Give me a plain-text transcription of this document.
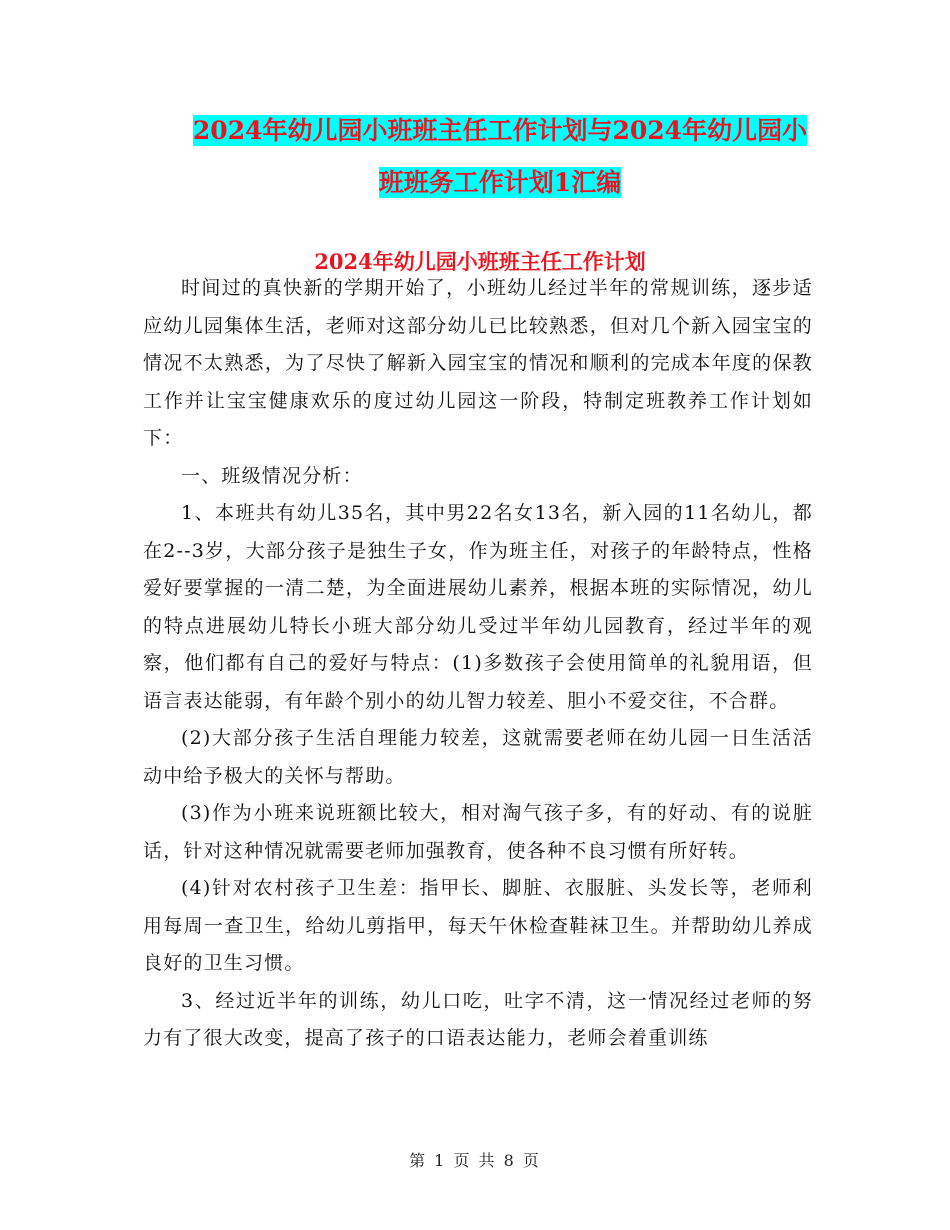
2024年幼儿园小班班主任工作计划与2024年幼儿园小
班班务工作计划1汇编
2024年幼儿园小班班主任工作计划

时间过的真快新的学期开始了，小班幼儿经过半年的常规训练，逐步适应幼儿园集体生活，老师对这部分幼儿已比较熟悉，但对几个新入园宝宝的情况不太熟悉，为了尽快了解新入园宝宝的情况和顺利的完成本年度的保教工作并让宝宝健康欢乐的度过幼儿园这一阶段，特制定班教养工作计划如下：

一、班级情况分析：

1、本班共有幼儿35名，其中男22名女13名，新入园的11名幼儿，都在2--3岁，大部分孩子是独生子女，作为班主任，对孩子的年龄特点，性格爱好要掌握的一清二楚，为全面进展幼儿素养，根据本班的实际情况，幼儿的特点进展幼儿特长小班大部分幼儿受过半年幼儿园教育，经过半年的观察，他们都有自己的爱好与特点：(1)多数孩子会使用简单的礼貌用语，但语言表达能弱，有年龄个别小的幼儿智力较差、胆小不爱交往，不合群。

(2)大部分孩子生活自理能力较差，这就需要老师在幼儿园一日生活活动中给予极大的关怀与帮助。

(3)作为小班来说班额比较大，相对淘气孩子多，有的好动、有的说脏话，针对这种情况就需要老师加强教育，使各种不良习惯有所好转。

(4)针对农村孩子卫生差：指甲长、脚脏、衣服脏、头发长等，老师利用每周一查卫生，给幼儿剪指甲，每天午休检查鞋袜卫生。并帮助幼儿养成良好的卫生习惯。

3、经过近半年的训练，幼儿口吃，吐字不清，这一情况经过老师的努力有了很大改变，提高了孩子的口语表达能力，老师会着重训练

第 1 页 共 8 页
